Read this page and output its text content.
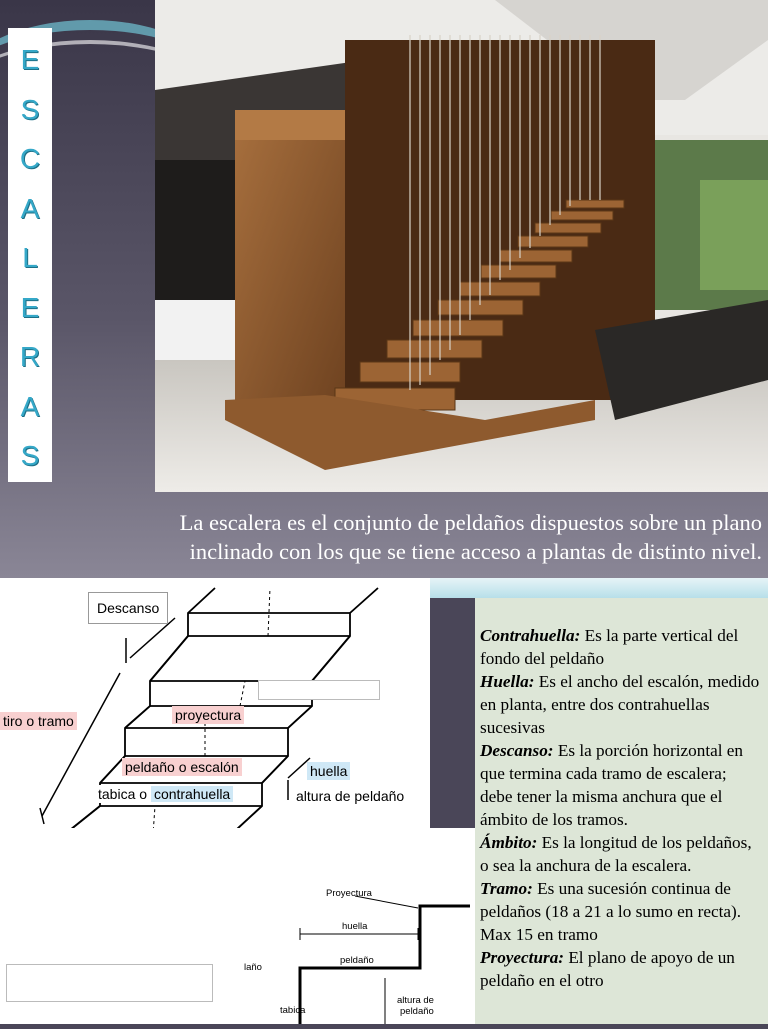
E
S
C
A
L
E
R
A
S
La escalera es el conjunto de peldaños dispuestos sobre un plano
inclinado con los que se tiene acceso a plantas de distinto nivel.
Descanso
tiro o tramo	proyectura
peldaño o escalón	huella
tabica o contrahuella	altura de peldaño
Proyectura
huella
peldaño
laño
tabica
altura de
peldaño

Contrahuella: Es la parte vertical del fondo del peldaño

Huella: Es el ancho del escalón, medido en planta, entre dos contrahuellas sucesivas

Descanso: Es la porción horizontal en que termina cada tramo de escalera; debe tener la misma anchura que el ámbito de los tramos.

Ámbito: Es la longitud de los peldaños, o sea la anchura de la escalera.

Tramo: Es una sucesión continua de peldaños (18 a 21 a lo sumo en recta). Max 15 en tramo

Proyectura: El plano de apoyo de un peldaño en el otro
